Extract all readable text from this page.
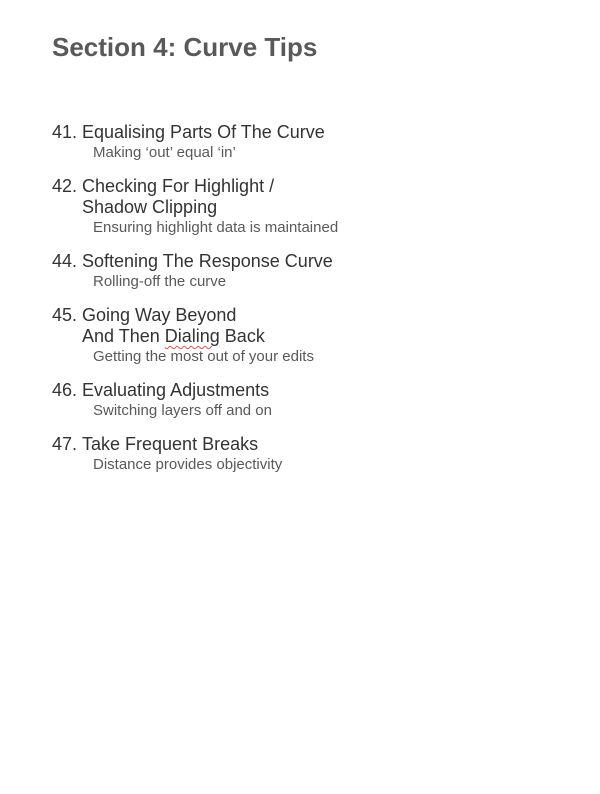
Section 4: Curve Tips
41. Equalising Parts Of The Curve
Making ‘out’ equal ‘in’
42. Checking For Highlight /
Shadow Clipping
Ensuring highlight data is maintained
44. Softening The Response Curve
Rolling-off the curve
45. Going Way Beyond
And Then Dialing Back
Getting the most out of your edits
46. Evaluating Adjustments
Switching layers off and on
47. Take Frequent Breaks
Distance provides objectivity
